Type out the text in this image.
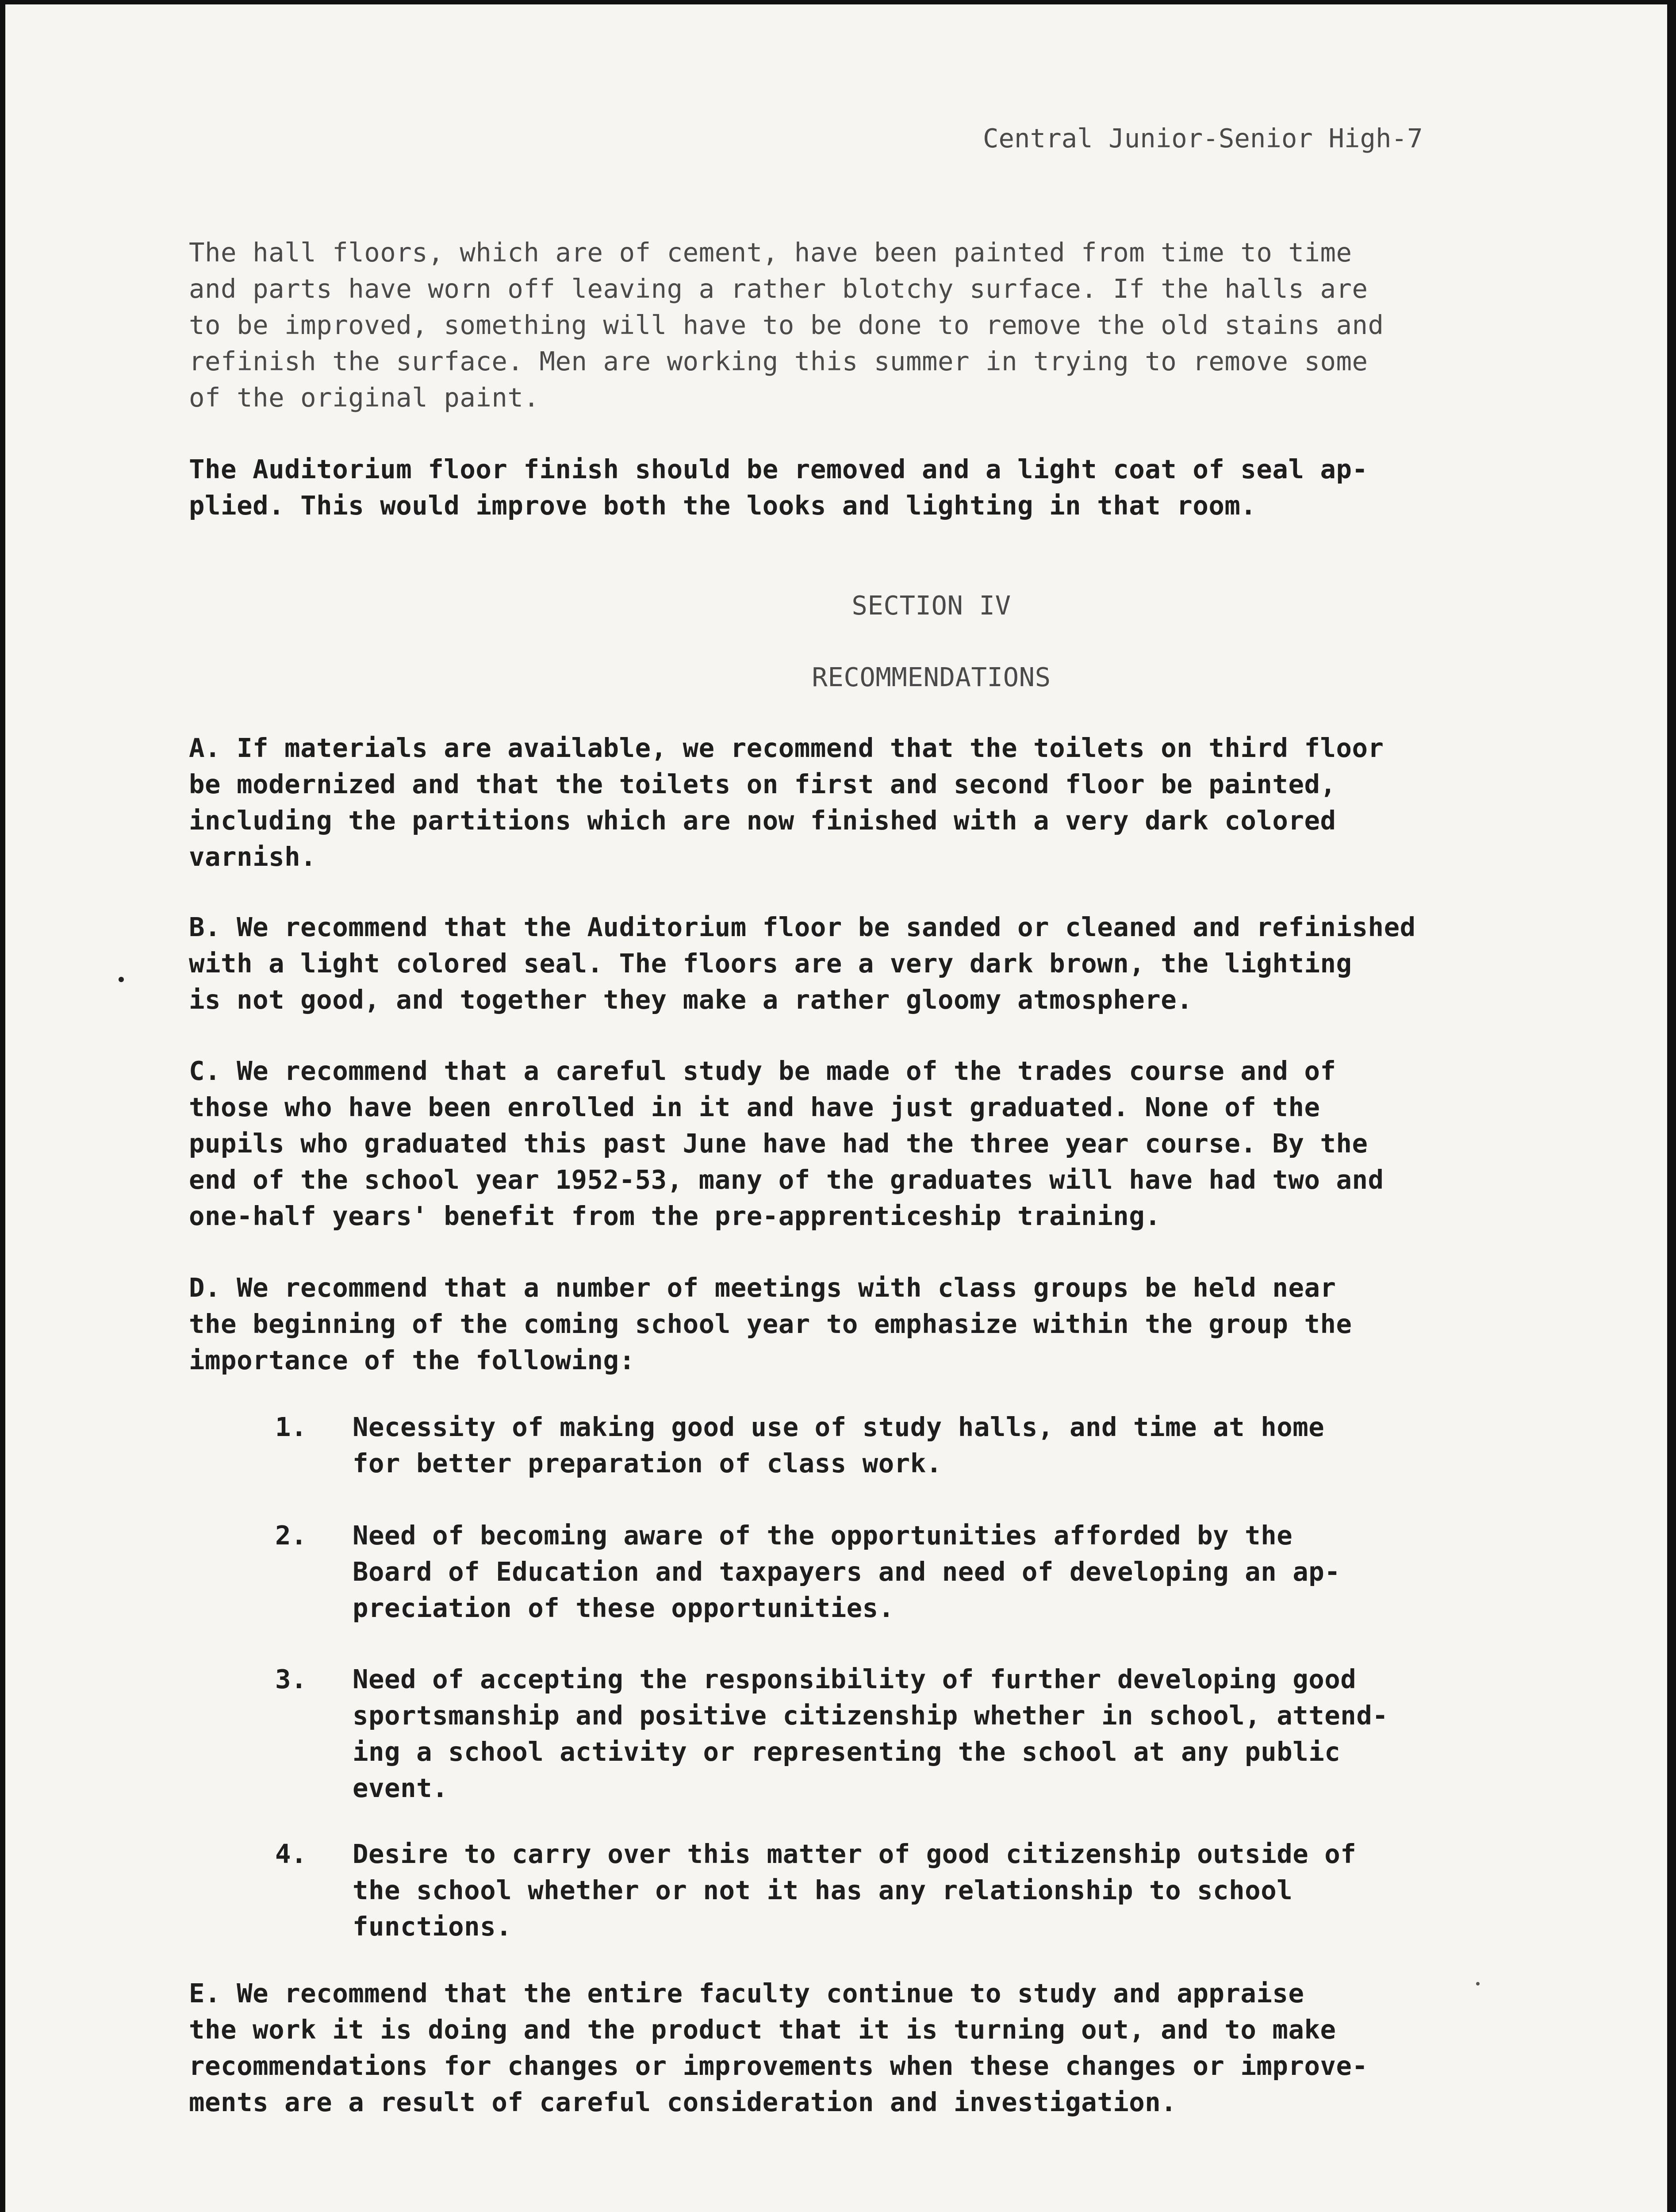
Central Junior-Senior High-7

The hall floors, which are of cement, have been painted from time to time
and parts have worn off leaving a rather blotchy surface. If the halls are
to be improved, something will have to be done to remove the old stains and
refinish the surface. Men are working this summer in trying to remove some
of the original paint.

The Auditorium floor finish should be removed and a light coat of seal ap-
plied. This would improve both the looks and lighting in that room.

SECTION IV
RECOMMENDATIONS

A. If materials are available, we recommend that the toilets on third floor
be modernized and that the toilets on first and second floor be painted,
including the partitions which are now finished with a very dark colored
varnish.

B. We recommend that the Auditorium floor be sanded or cleaned and refinished
with a light colored seal. The floors are a very dark brown, the lighting
is not good, and together they make a rather gloomy atmosphere.

C. We recommend that a careful study be made of the trades course and of
those who have been enrolled in it and have just graduated. None of the
pupils who graduated this past June have had the three year course. By the
end of the school year 1952-53, many of the graduates will have had two and
one-half years' benefit from the pre-apprenticeship training.

D. We recommend that a number of meetings with class groups be held near
the beginning of the coming school year to emphasize within the group the
importance of the following:

1.	Necessity of making good use of study halls, and time at home
for better preparation of class work.
2.	Need of becoming aware of the opportunities afforded by the
Board of Education and taxpayers and need of developing an ap-
preciation of these opportunities.
3.	Need of accepting the responsibility of further developing good
sportsmanship and positive citizenship whether in school, attend-
ing a school activity or representing the school at any public
event.
4.	Desire to carry over this matter of good citizenship outside of
the school whether or not it has any relationship to school
functions.

E. We recommend that the entire faculty continue to study and appraise
the work it is doing and the product that it is turning out, and to make
recommendations for changes or improvements when these changes or improve-
ments are a result of careful consideration and investigation.
